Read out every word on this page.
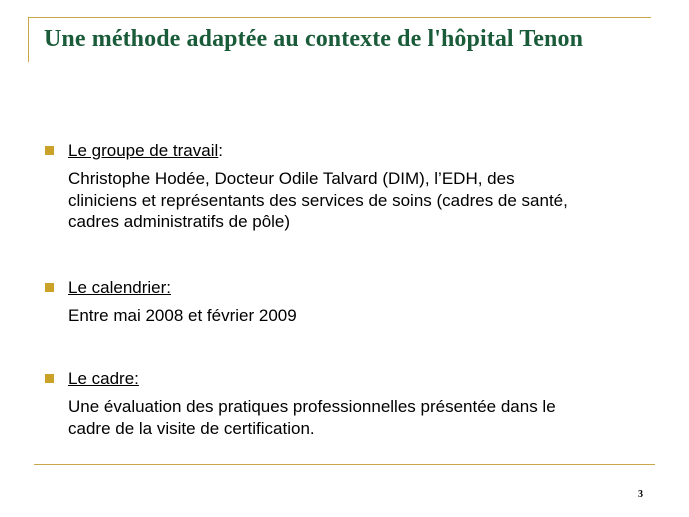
Une méthode adaptée au contexte de l'hôpital Tenon
Le groupe de travail:
Christophe Hodée, Docteur Odile Talvard (DIM), l’EDH, des
cliniciens et représentants des services de soins (cadres de santé,
cadres administratifs de pôle)
Le calendrier:
Entre mai 2008 et février 2009
Le cadre:
Une évaluation des pratiques professionnelles présentée dans le
cadre de la visite de certification.
3
